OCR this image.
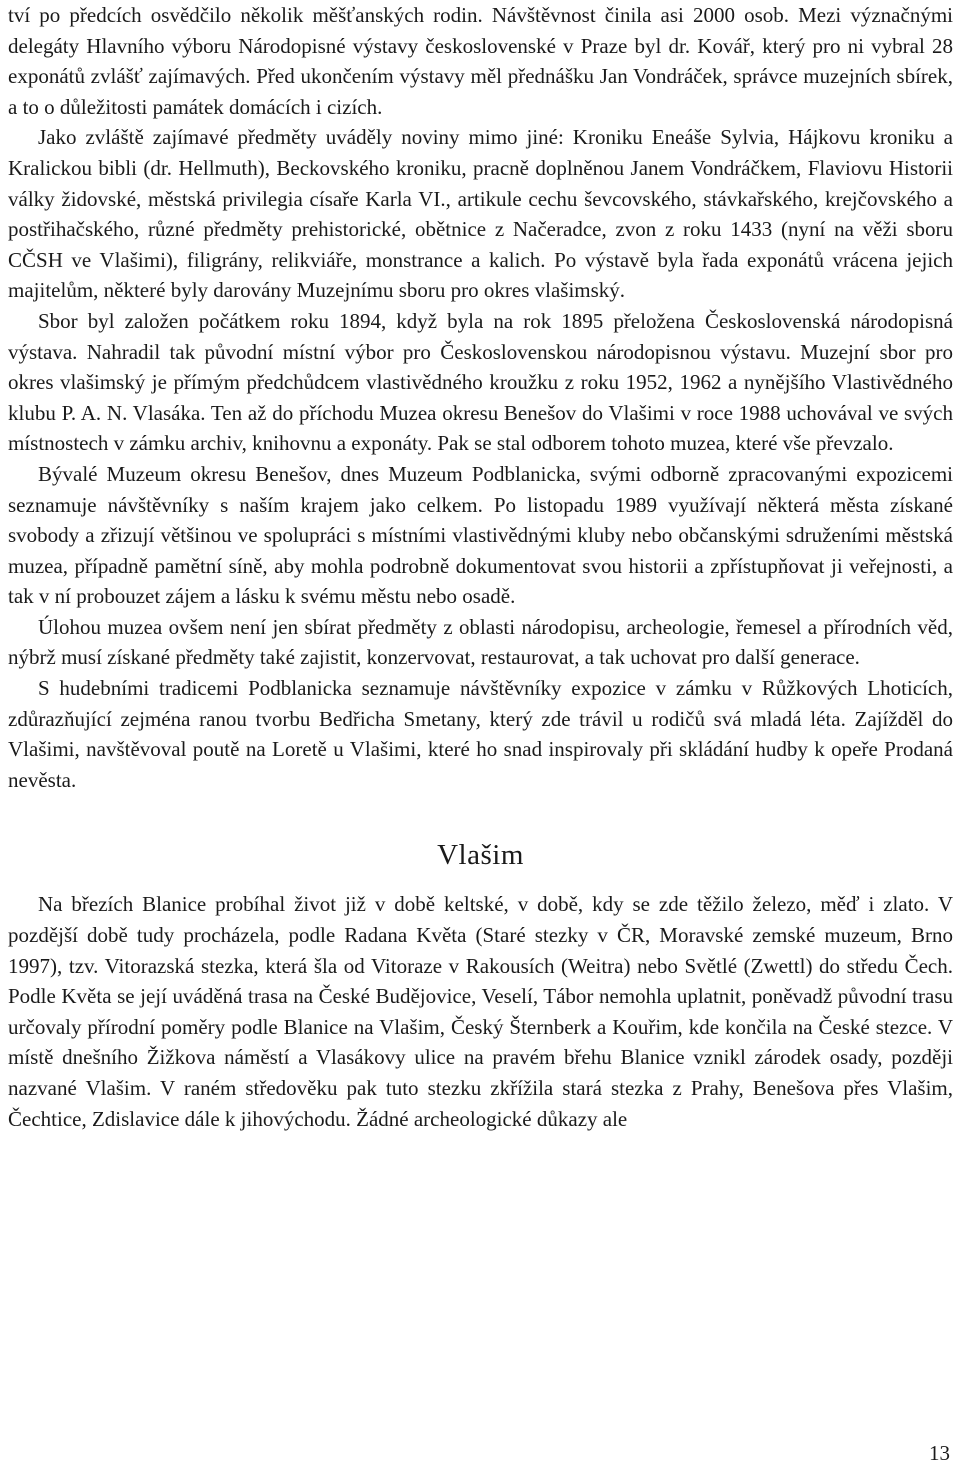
tví po předcích osvědčilo několik měšťanských rodin. Návštěvnost činila asi 2000 osob. Mezi význačnými delegáty Hlavního výboru Národopisné výstavy československé v Praze byl dr. Kovář, který pro ni vybral 28 exponátů zvlášť zajímavých. Před ukončením výstavy měl přednášku Jan Vondráček, správce muzejních sbírek, a to o důležitosti památek domácích i cizích.

Jako zvláště zajímavé předměty uváděly noviny mimo jiné: Kroniku Eneáše Sylvia, Hájkovu kroniku a Kralickou bibli (dr. Hellmuth), Beckovského kroniku, pracně doplněnou Janem Vondráčkem, Flaviovu Historii války židovské, městská privilegia císaře Karla VI., artikule cechu ševcovského, stávkařského, krejčovského a postřihačského, různé předměty prehistorické, obětnice z Načeradce, zvon z roku 1433 (nyní na věži sboru CČSH ve Vlašimi), filigrány, relikviáře, monstrance a kalich. Po výstavě byla řada exponátů vrácena jejich majitelům, některé byly darovány Muzejnímu sboru pro okres vlašimský.

Sbor byl založen počátkem roku 1894, když byla na rok 1895 přeložena Československá národopisná výstava. Nahradil tak původní místní výbor pro Československou národopisnou výstavu. Muzejní sbor pro okres vlašimský je přímým předchůdcem vlastivědného kroužku z roku 1952, 1962 a nynějšího Vlastivědného klubu P. A. N. Vlasáka. Ten až do příchodu Muzea okresu Benešov do Vlašimi v roce 1988 uchovával ve svých místnostech v zámku archiv, knihovnu a exponáty. Pak se stal odborem tohoto muzea, které vše převzalo.

Bývalé Muzeum okresu Benešov, dnes Muzeum Podblanicka, svými odborně zpracovanými expozicemi seznamuje návštěvníky s naším krajem jako celkem. Po listopadu 1989 využívají některá města získané svobody a zřizují většinou ve spolupráci s místními vlastivědnými kluby nebo občanskými sdruženími městská muzea, případně pamětní síně, aby mohla podrobně dokumentovat svou historii a zpřístupňovat ji veřejnosti, a tak v ní probouzet zájem a lásku k svému městu nebo osadě.

Úlohou muzea ovšem není jen sbírat předměty z oblasti národopisu, archeologie, řemesel a přírodních věd, nýbrž musí získané předměty také zajistit, konzervovat, restaurovat, a tak uchovat pro další generace.

S hudebními tradicemi Podblanicka seznamuje návštěvníky expozice v zámku v Růžkových Lhoticích, zdůrazňující zejména ranou tvorbu Bedřicha Smetany, který zde trávil u rodičů svá mladá léta. Zajížděl do Vlašimi, navštěvoval poutě na Loretě u Vlašimi, které ho snad inspirovaly při skládání hudby k opeře Prodaná nevěsta.

Vlašim

Na březích Blanice probíhal život již v době keltské, v době, kdy se zde těžilo železo, měď i zlato. V pozdější době tudy procházela, podle Radana Květa (Staré stezky v ČR, Moravské zemské muzeum, Brno 1997), tzv. Vitorazská stezka, která šla od Vitoraze v Rakousích (Weitra) nebo Světlé (Zwettl) do středu Čech. Podle Květa se její uváděná trasa na České Budějovice, Veselí, Tábor nemohla uplatnit, poněvadž původní trasu určovaly přírodní poměry podle Blanice na Vlašim, Český Šternberk a Kouřim, kde končila na České stezce. V místě dnešního Žižkova náměstí a Vlasákovy ulice na pravém břehu Blanice vznikl zárodek osady, později nazvané Vlašim. V raném středověku pak tuto stezku zkřížila stará stezka z Prahy, Benešova přes Vlašim, Čechtice, Zdislavice dále k jihovýchodu. Žádné archeologické důkazy ale

13
